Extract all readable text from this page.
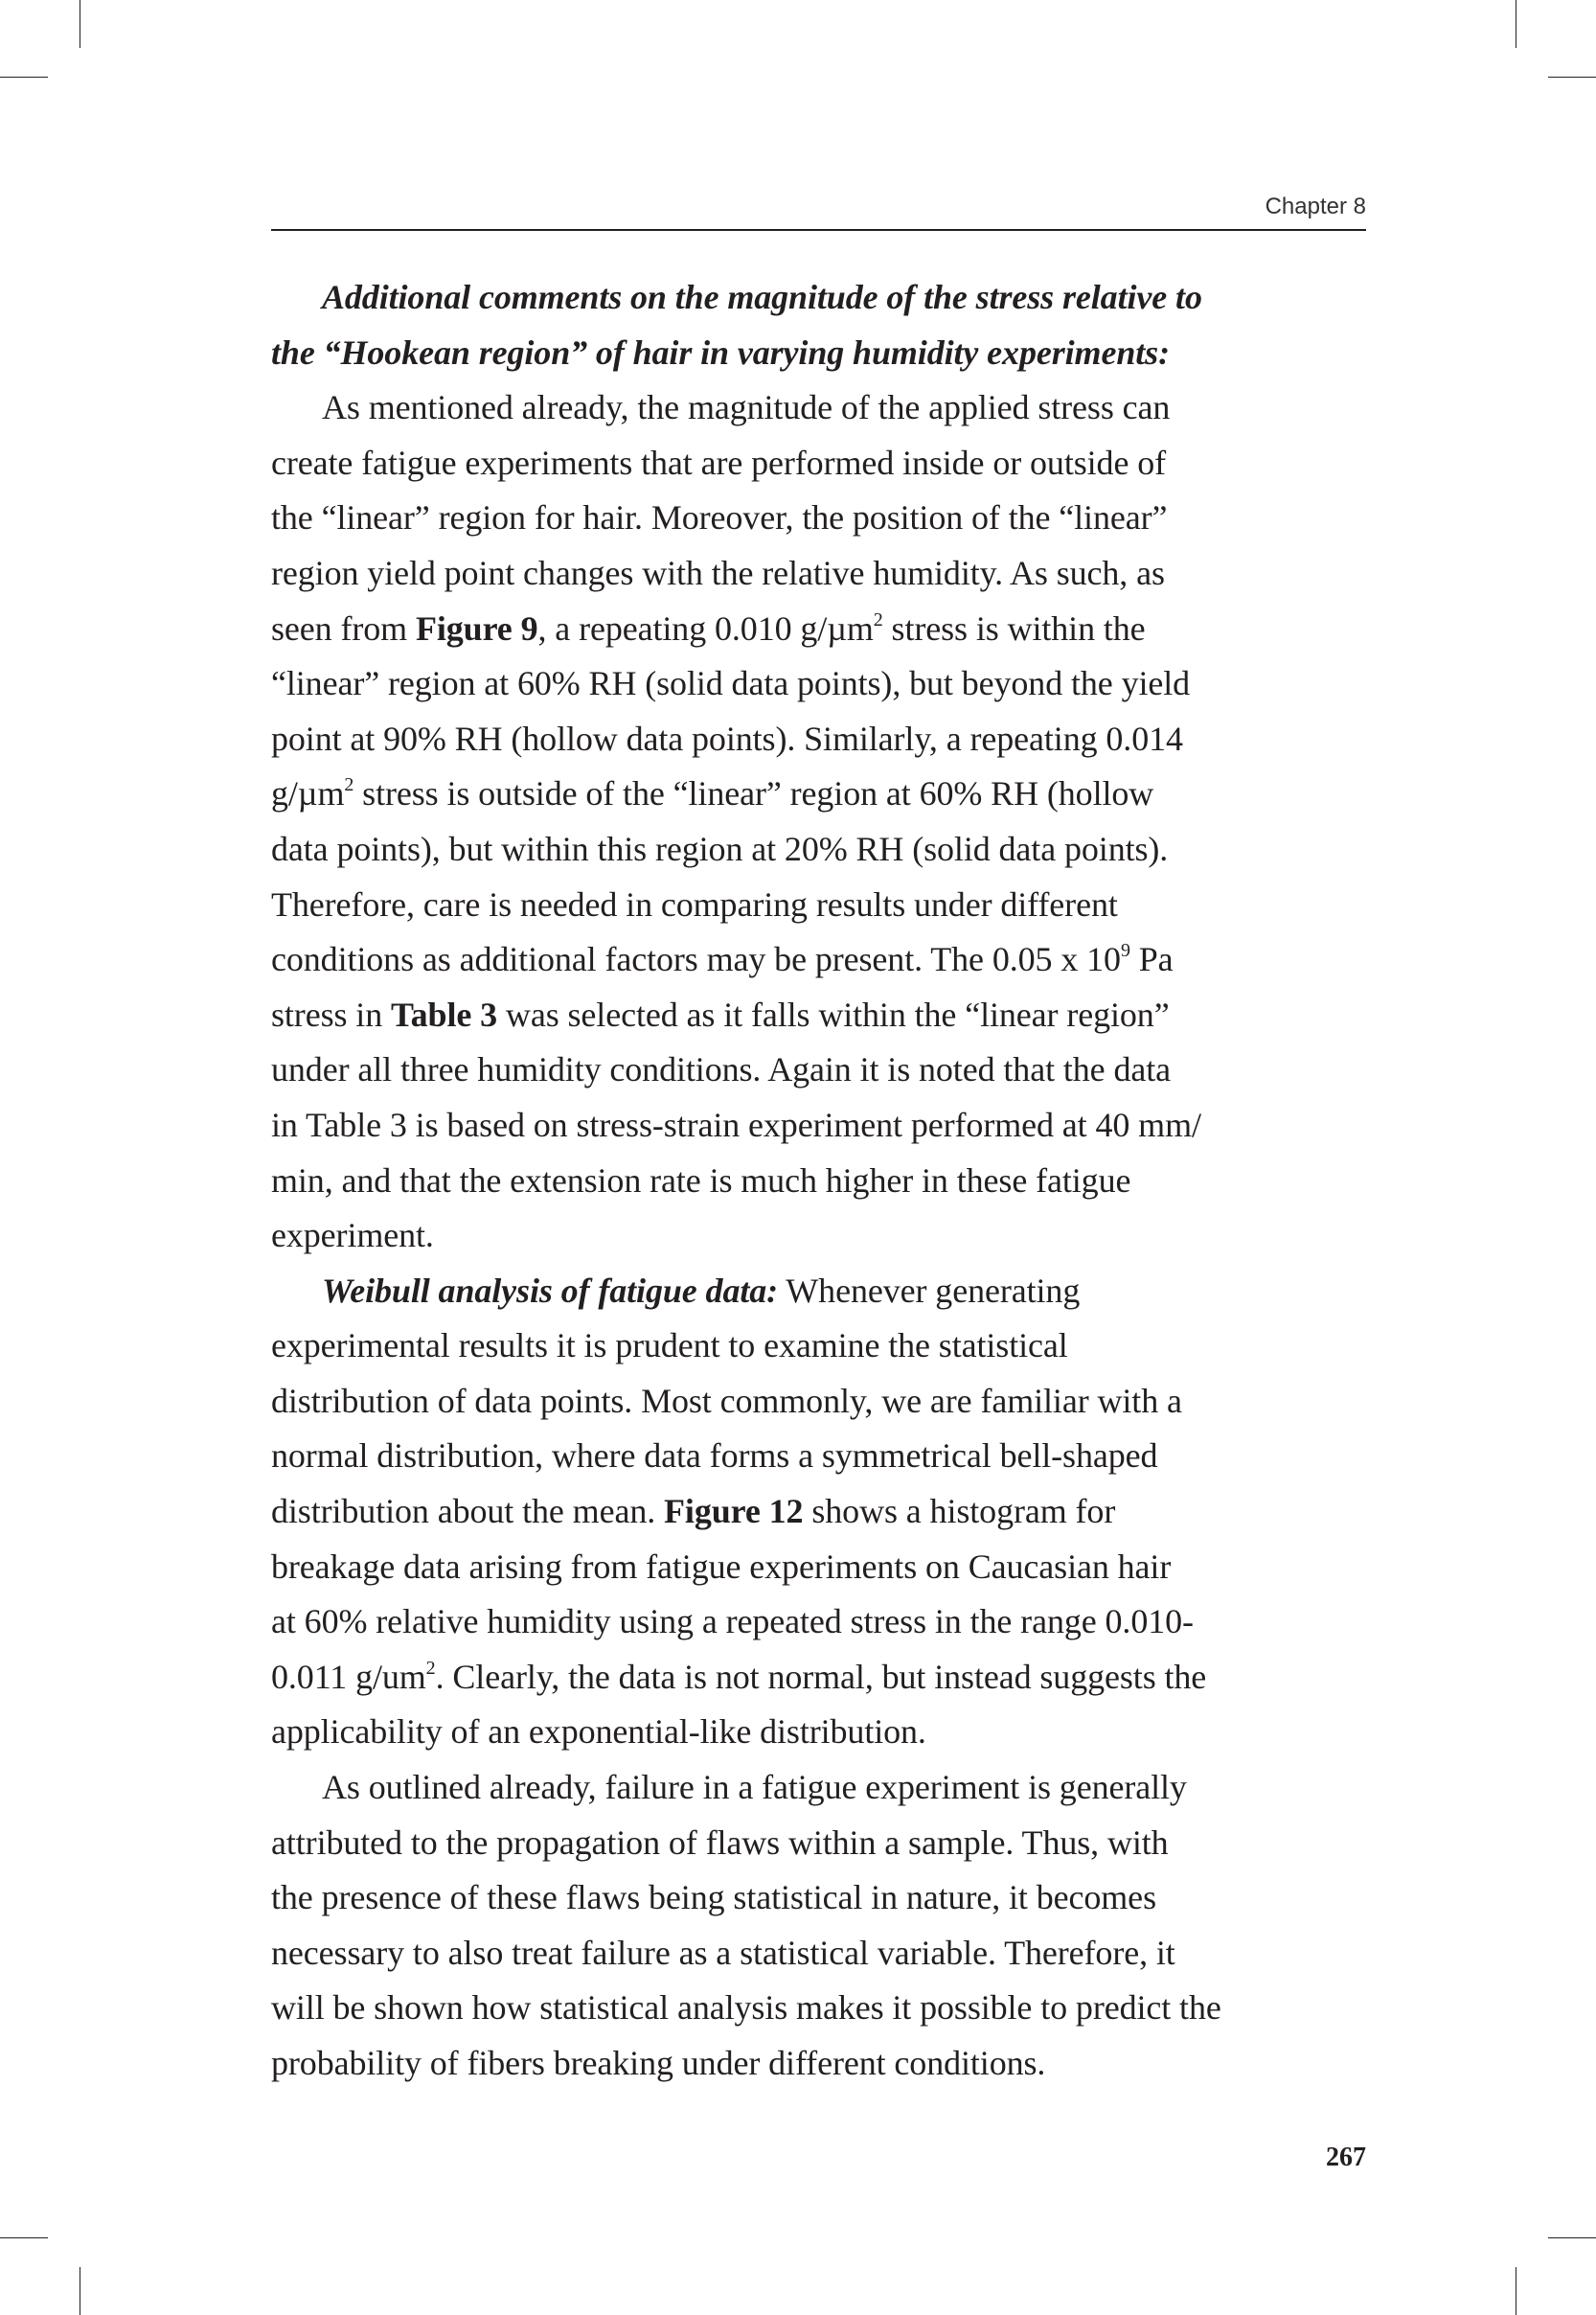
Chapter 8
Additional comments on the magnitude of the stress relative to
the “Hookean region” of hair in varying humidity experiments:
As mentioned already, the magnitude of the applied stress can
create fatigue experiments that are performed inside or outside of
the “linear” region for hair. Moreover, the position of the “linear”
region yield point changes with the relative humidity. As such, as
seen from Figure 9, a repeating 0.010 g/µm$^2$ stress is within the
“linear” region at 60% RH (solid data points), but beyond the yield
point at 90% RH (hollow data points). Similarly, a repeating 0.014
g/µm$^2$ stress is outside of the “linear” region at 60% RH (hollow
data points), but within this region at 20% RH (solid data points).
Therefore, care is needed in comparing results under different
conditions as additional factors may be present. The 0.05 x $10^9$ Pa
stress in Table 3 was selected as it falls within the “linear region”
under all three humidity conditions. Again it is noted that the data
in Table 3 is based on stress-strain experiment performed at 40 mm/
min, and that the extension rate is much higher in these fatigue
experiment.
Weibull analysis of fatigue data: Whenever generating
experimental results it is prudent to examine the statistical
distribution of data points. Most commonly, we are familiar with a
normal distribution, where data forms a symmetrical bell-shaped
distribution about the mean. Figure 12 shows a histogram for
breakage data arising from fatigue experiments on Caucasian hair
at 60% relative humidity using a repeated stress in the range 0.010-
0.011 $g/um^2$. Clearly, the data is not normal, but instead suggests the
applicability of an exponential-like distribution.
As outlined already, failure in a fatigue experiment is generally
attributed to the propagation of flaws within a sample. Thus, with
the presence of these flaws being statistical in nature, it becomes
necessary to also treat failure as a statistical variable. Therefore, it
will be shown how statistical analysis makes it possible to predict the
probability of fibers breaking under different conditions.
267
